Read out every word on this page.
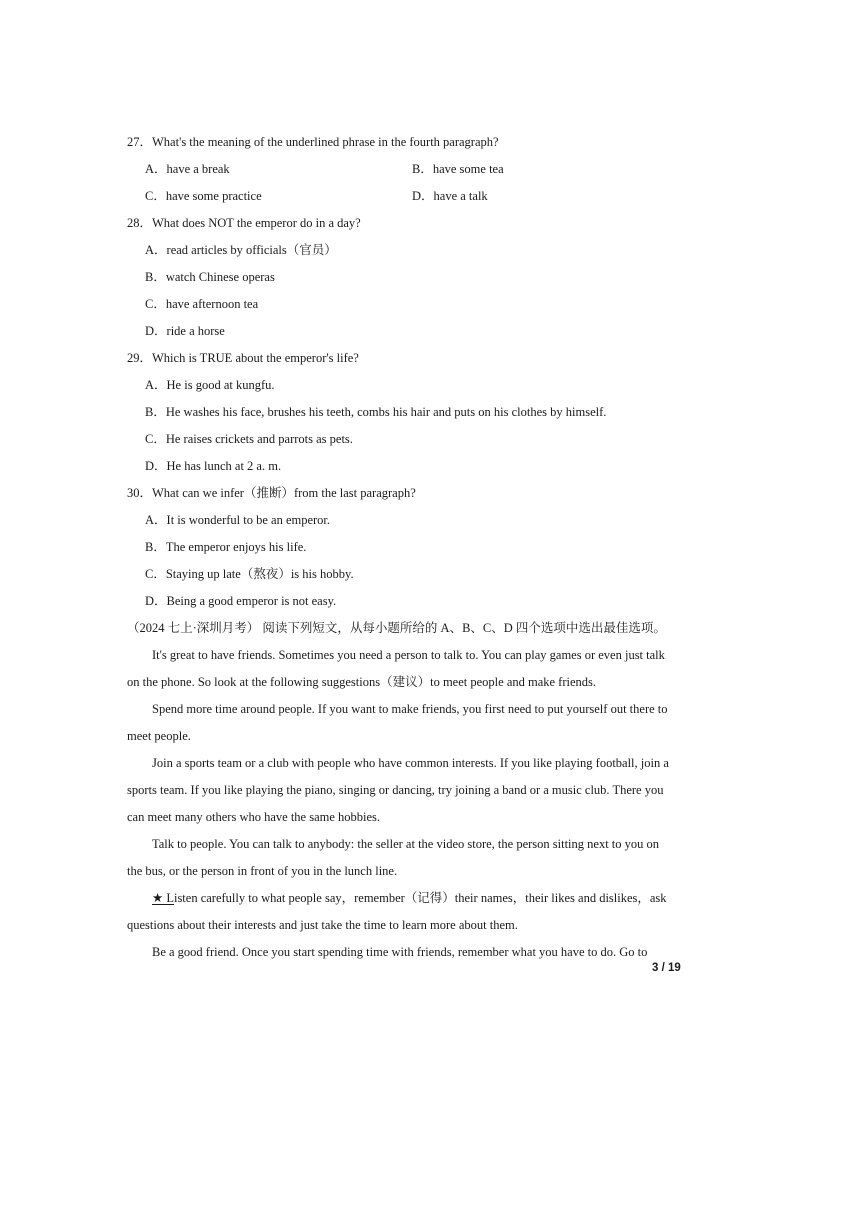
27．What's the meaning of the underlined phrase in the fourth paragraph?
A．have a break	B．have some tea
C．have some practice	D．have a talk
28．What does NOT the emperor do in a day?
A．read articles by officials（官员）
B．watch Chinese operas
C．have afternoon tea
D．ride a horse
29．Which is TRUE about the emperor's life?
A．He is good at kungfu.
B．He washes his face, brushes his teeth, combs his hair and puts on his clothes by himself.
C．He raises crickets and parrots as pets.
D．He has lunch at 2 a. m.
30．What can we infer（推断）from the last paragraph?
A．It is wonderful to be an emperor.
B．The emperor enjoys his life.
C．Staying up late（熬夜）is his hobby.
D．Being a good emperor is not easy.
（2024 七上·深圳月考） 阅读下列短文，从每小题所给的 A、B、C、D 四个选项中选出最佳选项。
It's great to have friends. Sometimes you need a person to talk to. You can play games or even just talk
on the phone. So look at the following suggestions（建议）to meet people and make friends.
Spend more time around people. If you want to make friends, you first need to put yourself out there to
meet people.
Join a sports team or a club with people who have common interests. If you like playing football, join a
sports team. If you like playing the piano, singing or dancing, try joining a band or a music club. There you
can meet many others who have the same hobbies.
Talk to people. You can talk to anybody: the seller at the video store, the person sitting next to you on
the bus, or the person in front of you in the lunch line.
★ Listen carefully to what people say，remember（记得）their names，their likes and dislikes，ask
questions about their interests and just take the time to learn more about them.
Be a good friend. Once you start spending time with friends, remember what you have to do. Go to
3 / 19
